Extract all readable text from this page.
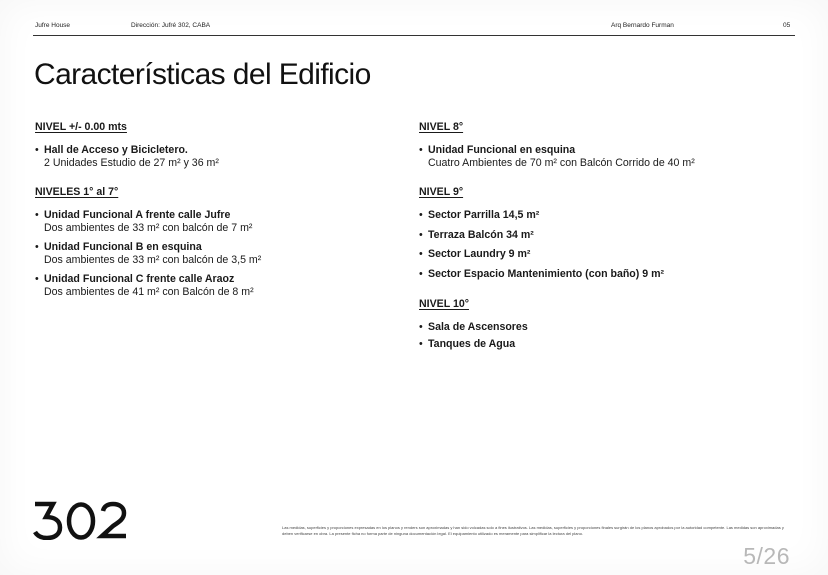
Jufre House	Dirección: Jufré 302, CABA	Arq Bernardo Furman	05
Características del Edificio
NIVEL +/- 0.00 mts
• Hall de Acceso y Bicicletero.
2 Unidades Estudio de 27 m² y 36 m²
NIVELES 1° al 7°
• Unidad Funcional A frente calle Jufre
Dos ambientes de 33 m² con balcón de 7 m²
• Unidad Funcional B en esquina
Dos ambientes de 33 m² con balcón de 3,5 m²
• Unidad Funcional C frente calle Araoz
Dos ambientes de 41 m² con Balcón de 8 m²
NIVEL 8°
• Unidad Funcional en esquina
Cuatro Ambientes de 70 m² con Balcón Corrido de 40 m²
NIVEL 9°
• Sector Parrilla 14,5 m²
• Terraza Balcón 34 m²
• Sector Laundry 9 m²
• Sector Espacio Mantenimiento (con baño) 9 m²
NIVEL 10°
• Sala de Ascensores
• Tanques de Agua
Las medidas, superficies y proporciones expresadas en los planos y renders son aproximadas y han sido volcadas solo a fines ilustrativos. Las medidas, superficies y proporciones finales surgirán de los planos aprobados por la autoridad competente. Las medidas son aproximadas y deben verificarse en obra. La presente ficha no forma parte de ninguna documentación legal. El equipamiento utilizado es meramente para simplificar la lectura del plano.
5/26
